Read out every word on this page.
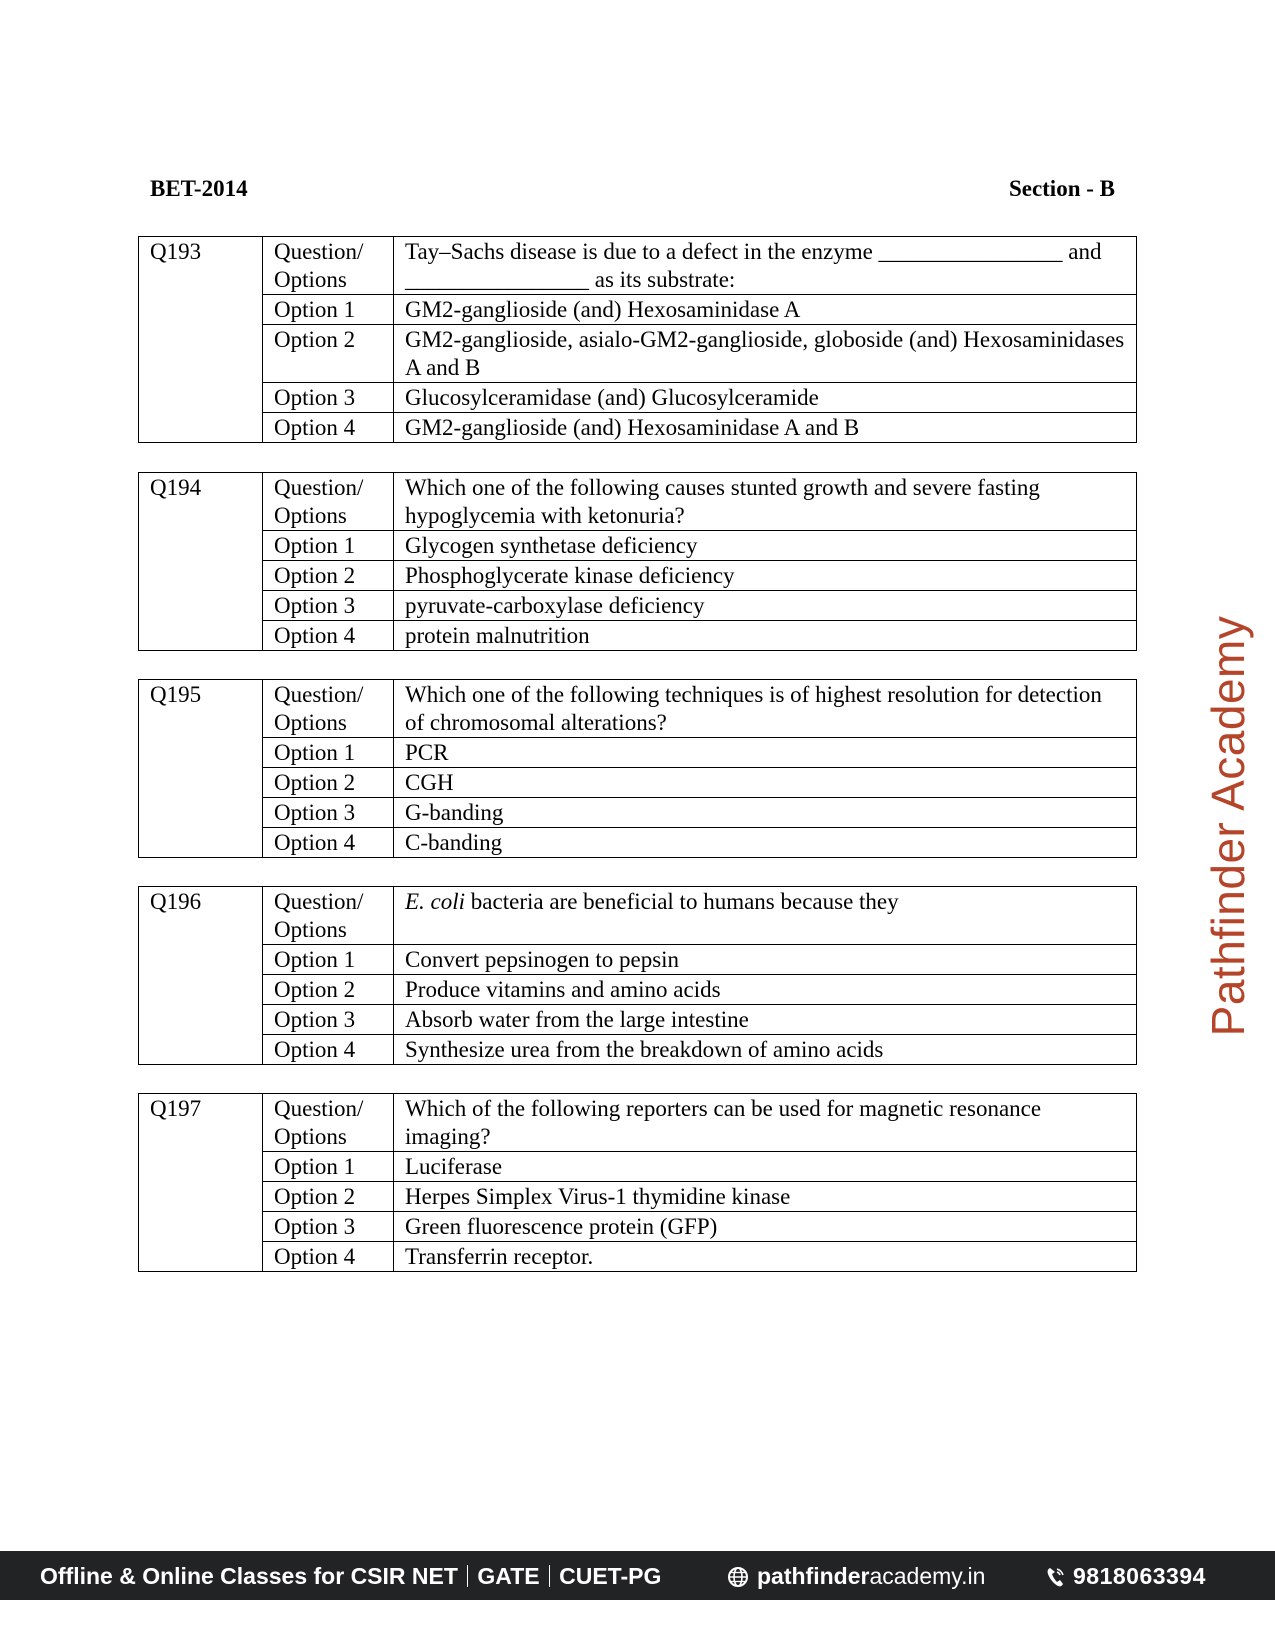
BET-2014	Section - B
Q193	Question/ Options	Tay–Sachs disease is due to a defect in the enzyme ________________ and ________________ as its substrate:
	Option 1	GM2-ganglioside (and) Hexosaminidase A
	Option 2	GM2-ganglioside, asialo-GM2-ganglioside, globoside (and) Hexosaminidases A and B
	Option 3	Glucosylceramidase (and) Glucosylceramide
	Option 4	GM2-ganglioside (and) Hexosaminidase A and B
Q194	Question/ Options	Which one of the following causes stunted growth and severe fasting hypoglycemia with ketonuria?
	Option 1	Glycogen synthetase deficiency
	Option 2	Phosphoglycerate kinase deficiency
	Option 3	pyruvate-carboxylase deficiency
	Option 4	protein malnutrition
Q195	Question/ Options	Which one of the following techniques is of highest resolution for detection of chromosomal alterations?
	Option 1	PCR
	Option 2	CGH
	Option 3	G-banding
	Option 4	C-banding
Q196	Question/ Options	E. coli bacteria are beneficial to humans because they
	Option 1	Convert pepsinogen to pepsin
	Option 2	Produce vitamins and amino acids
	Option 3	Absorb water from the large intestine
	Option 4	Synthesize urea from the breakdown of amino acids
Q197	Question/ Options	Which of the following reporters can be used for magnetic resonance imaging?
	Option 1	Luciferase
	Option 2	Herpes Simplex Virus-1 thymidine kinase
	Option 3	Green fluorescence protein (GFP)
	Option 4	Transferrin receptor.
Pathfinder Academy
Offline & Online Classes for CSIR NET GATE CUET-PG	pathfinderacademy.in	9818063394
